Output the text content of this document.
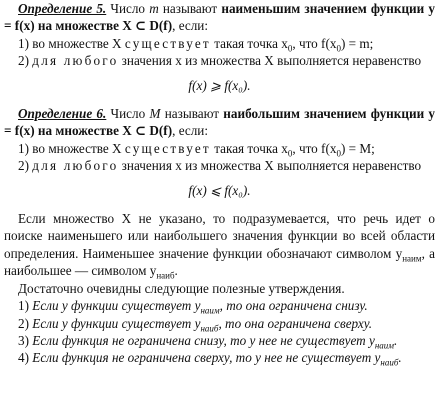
Определение 5. Число m называют наименьшим значением функции y = f(x) на множестве X ⊂ D(f), если:

1) во множестве X существует такая точка $x_0$, что $f(x_0) = m$;

2) для любого значения x из множества X выполняется неравенство

f(x) ⩾ f(x₀).

Определение 6. Число M называют наибольшим значением функции y = f(x) на множестве X ⊂ D(f), если:

1) во множестве X существует такая точка $x_0$, что $f(x_0) = M$;

2) для любого значения x из множества X выполняется неравенство

f(x) ⩽ f(x₀).

Если множество X не указано, то подразумевается, что речь идет о поиске наименьшего или наибольшего значения функции во всей области определения. Наименьшее значение функции обозначают символом $y_{наим}$, а наибольшее — символом $y_{наиб}$.

Достаточно очевидны следующие полезные утверждения.

1) Если у функции существует $y_{наим}$, то она ограничена снизу.

2) Если у функции существует $y_{наиб}$, то она ограничена сверху.

3) Если функция не ограничена снизу, то у нее не существует $y_{наим}$.

4) Если функция не ограничена сверху, то у нее не существует $y_{наиб}$.
